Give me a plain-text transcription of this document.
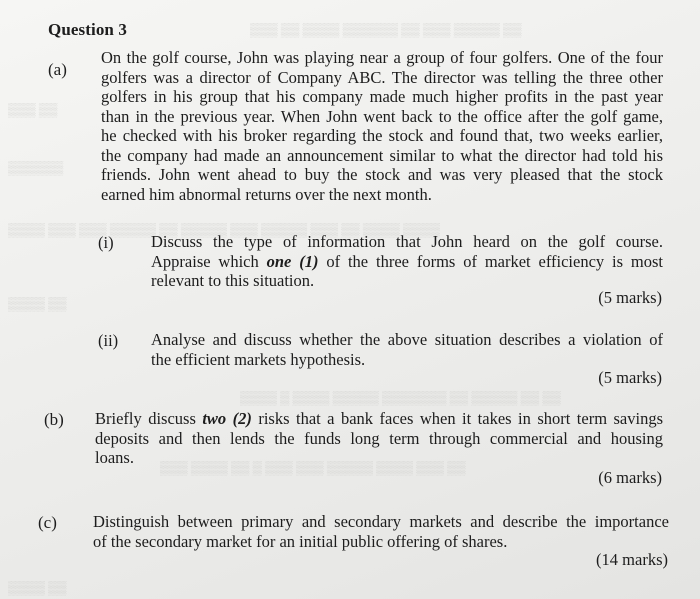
▒▒▒ ▒▒ ▒▒▒▒ ▒▒▒▒▒▒ ▒▒ ▒▒▒ ▒▒▒▒▒ ▒▒
▒▒▒ ▒▒
▒▒▒▒▒▒
▒▒▒▒ ▒▒▒ ▒▒▒ ▒▒▒▒▒ ▒▒ ▒▒▒▒▒ ▒▒▒ ▒▒▒▒▒ ▒▒▒ ▒▒ ▒▒▒▒ ▒▒▒▒
▒▒▒▒ ▒▒
▒▒▒▒ ▒ ▒▒▒▒ ▒▒▒▒▒ ▒▒▒▒▒▒▒ ▒▒ ▒▒▒▒▒ ▒▒ ▒▒
▒▒▒ ▒▒▒▒ ▒▒ ▒ ▒▒▒ ▒▒▒ ▒▒▒▒▒ ▒▒▒▒ ▒▒▒ ▒▒
▒▒▒▒ ▒▒
Question 3
(a)
On the golf course, John was playing near a group of four golfers. One of the four
golfers was a director of Company ABC. The director was telling the three other
golfers in his group that his company made much higher profits in the past year
than in the previous year. When John went back to the office after the golf game,
he checked with his broker regarding the stock and found that, two weeks earlier,
the company had made an announcement similar to what the director had told his
friends. John went ahead to buy the stock and was very pleased that the stock
earned him abnormal returns over the next month.
(i) Discuss the type of information that John heard on the golf course.
Appraise which one (1) of the three forms of market efficiency is most
relevant to this situation.
(5 marks)
(ii) Analyse and discuss whether the above situation describes a violation of
the efficient markets hypothesis.
(5 marks)
(b) Briefly discuss two (2) risks that a bank faces when it takes in short term savings
deposits and then lends the funds long term through commercial and housing
loans.
(6 marks)
(c) Distinguish between primary and secondary markets and describe the importance
of the secondary market for an initial public offering of shares.
(14 marks)
